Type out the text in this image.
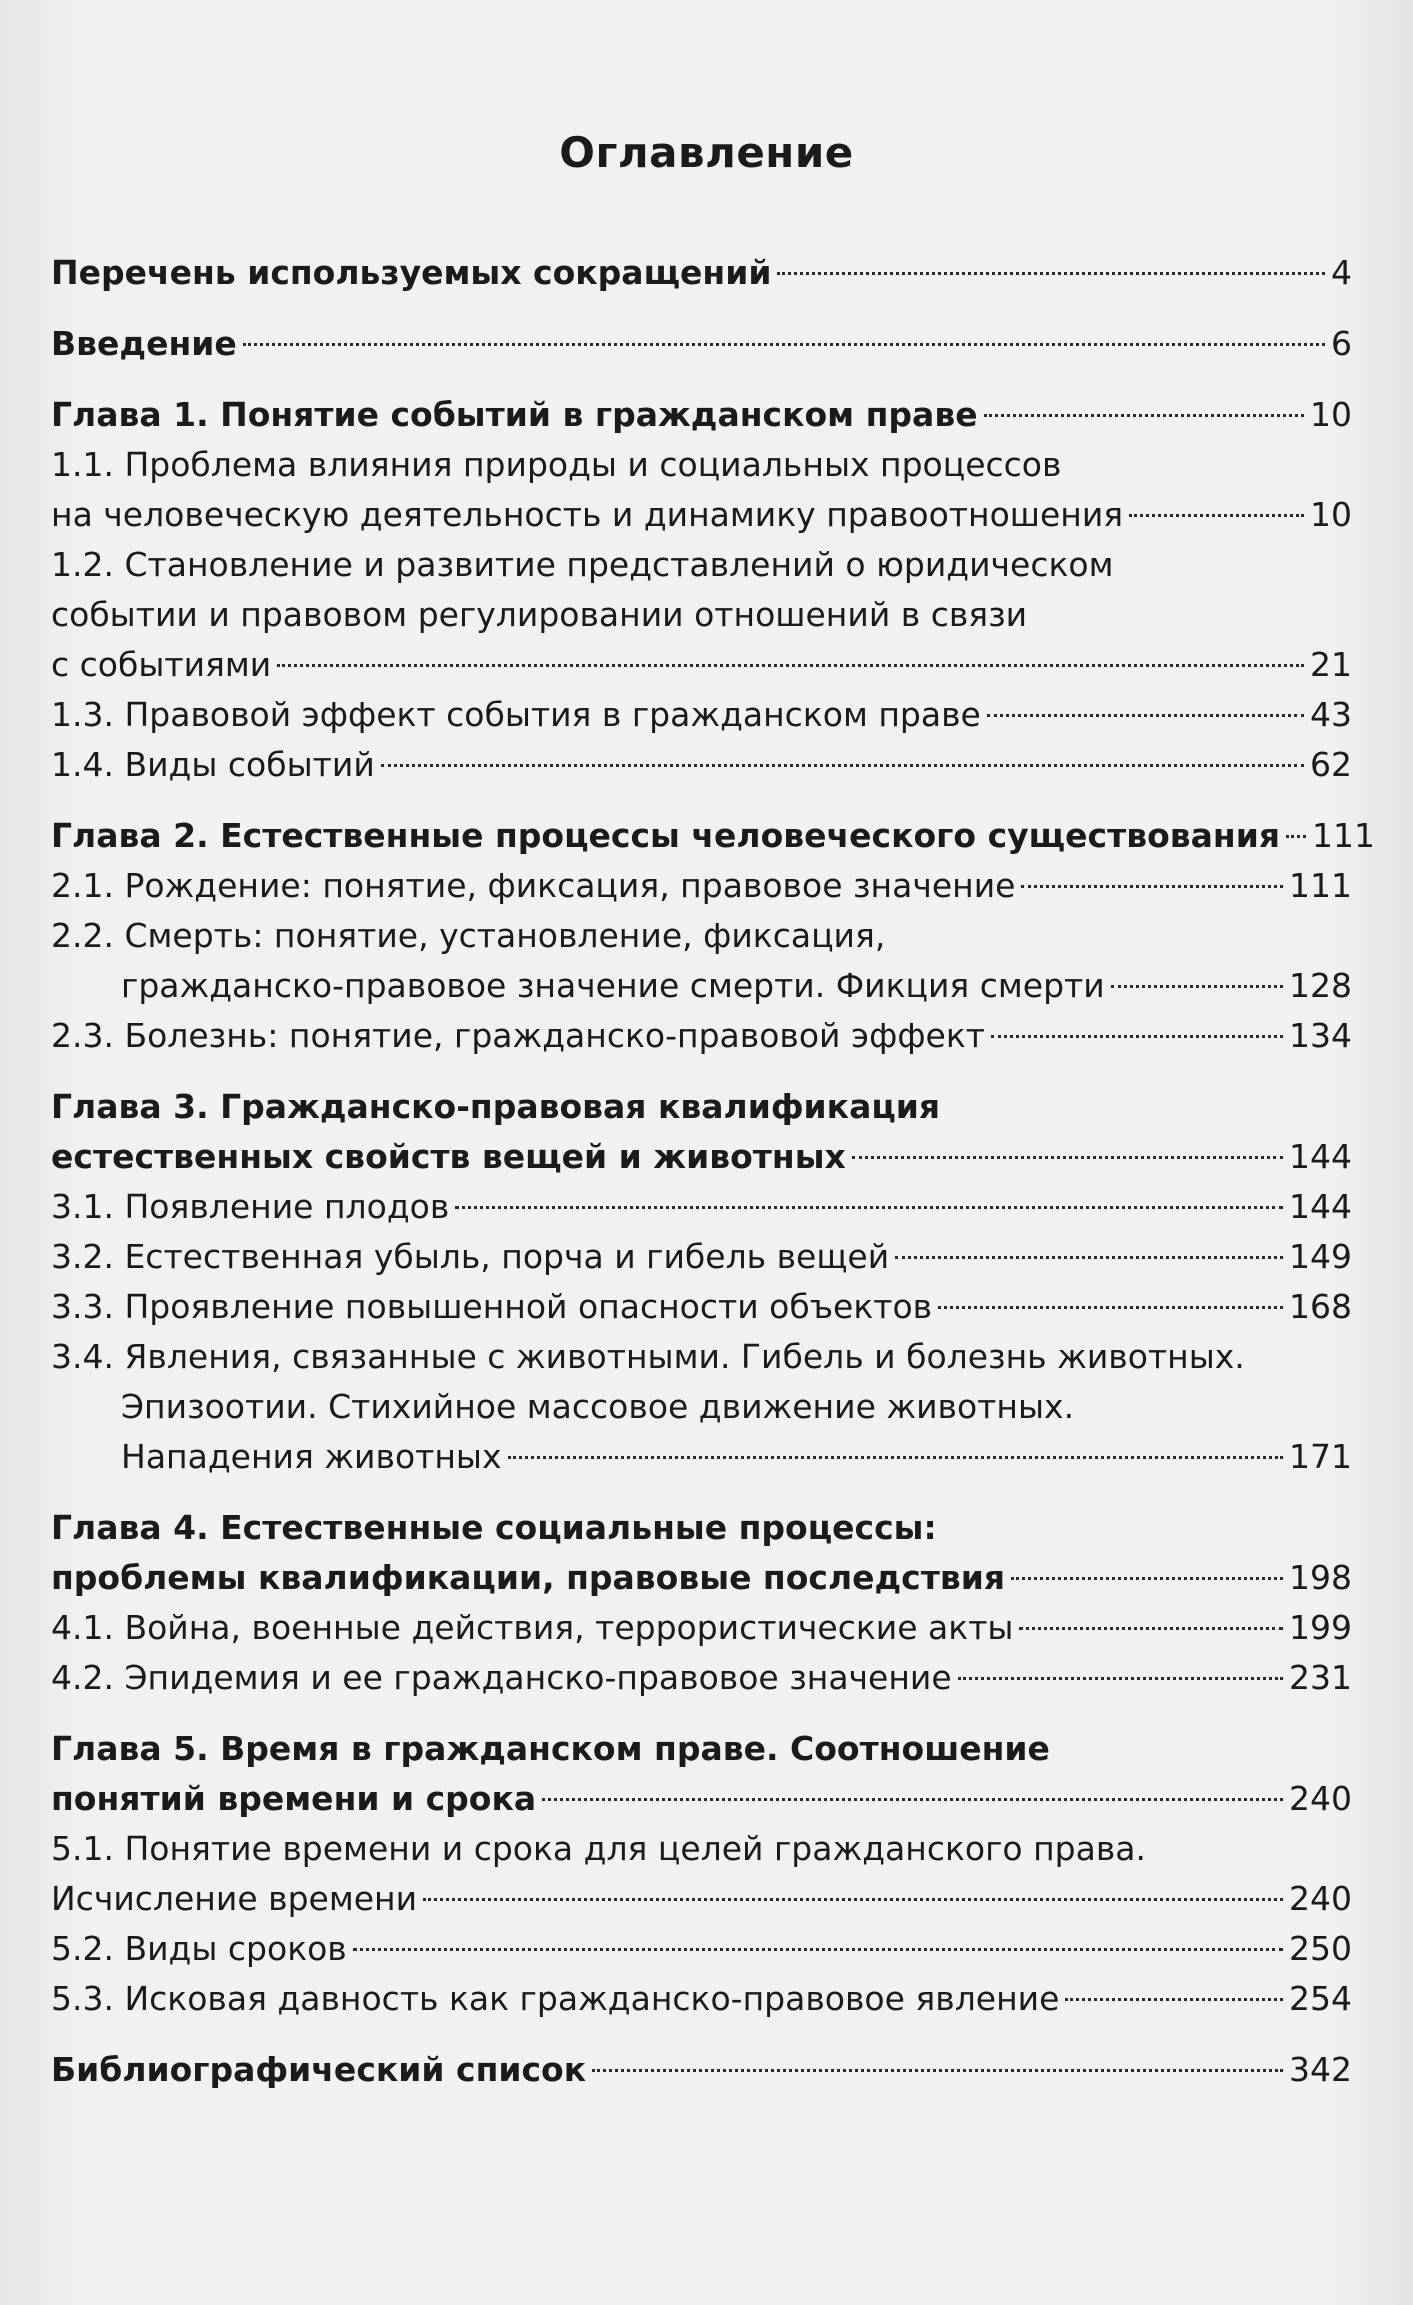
Оглавление
Перечень используемых сокращений	4
Введение	6
Глава 1. Понятие событий в гражданском праве	10
1.1. Проблема влияния природы и социальных процессов
на человеческую деятельность и динамику правоотношения	10
1.2. Становление и развитие представлений о юридическом
событии и правовом регулировании отношений в связи
с событиями	21
1.3. Правовой эффект события в гражданском праве	43
1.4. Виды событий	62
Глава 2. Естественные процессы человеческого существования 111
2.1. Рождение: понятие, фиксация, правовое значение	111
2.2. Смерть: понятие, установление, фиксация,
гражданско-правовое значение смерти. Фикция смерти	128
2.3. Болезнь: понятие, гражданско-правовой эффект	134
Глава 3. Гражданско-правовая квалификация
естественных свойств вещей и животных	144
3.1. Появление плодов	144
3.2. Естественная убыль, порча и гибель вещей	149
3.3. Проявление повышенной опасности объектов	168
3.4. Явления, связанные с животными. Гибель и болезнь животных.
Эпизоотии. Стихийное массовое движение животных.
Нападения животных	171
Глава 4. Естественные социальные процессы:
проблемы квалификации, правовые последствия	198
4.1. Война, военные действия, террористические акты	199
4.2. Эпидемия и ее гражданско-правовое значение	231
Глава 5. Время в гражданском праве. Соотношение
понятий времени и срока	240
5.1. Понятие времени и срока для целей гражданского права.
Исчисление времени	240
5.2. Виды сроков	250
5.3. Исковая давность как гражданско-правовое явление	254
Библиографический список	342
